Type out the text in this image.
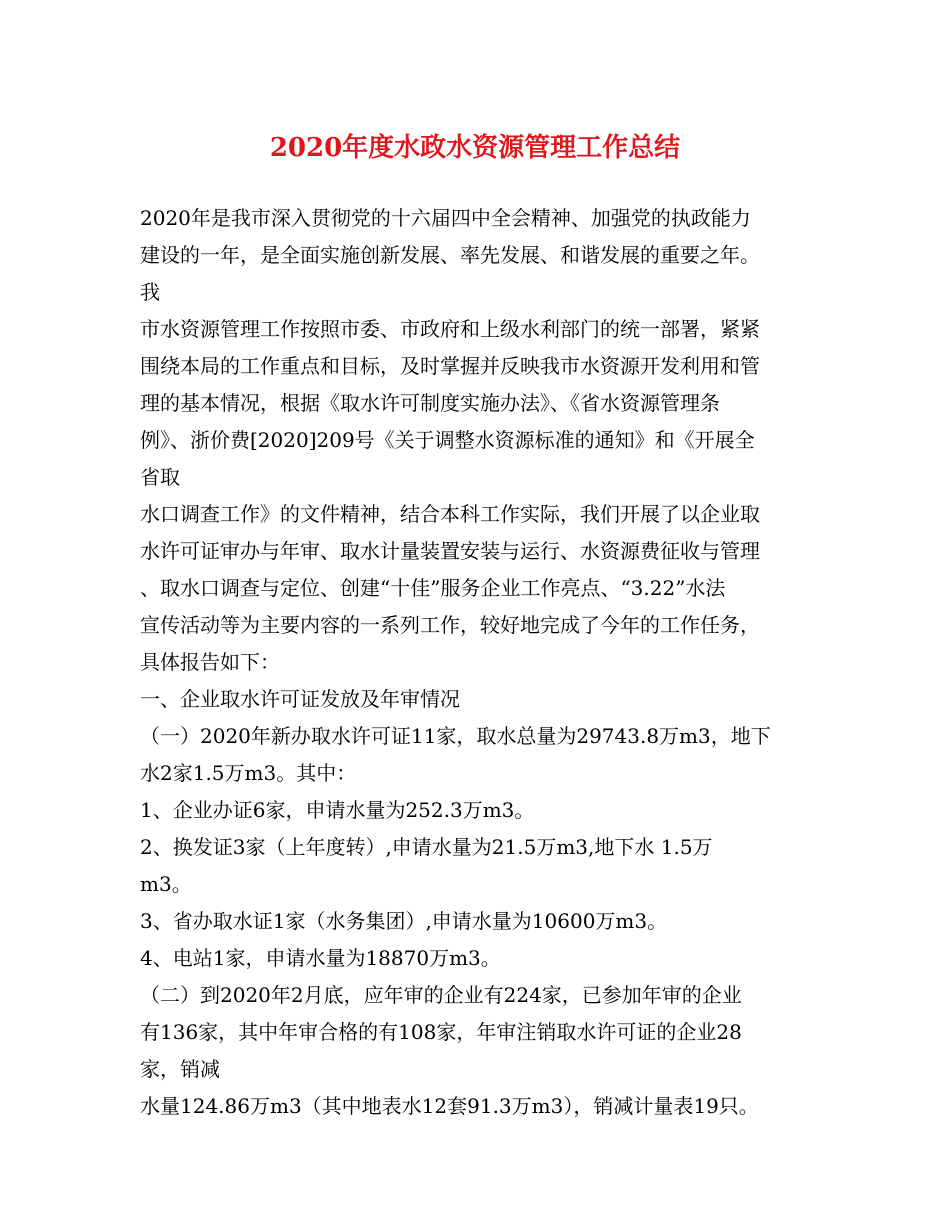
2020年度水政水资源管理工作总结

2020年是我市深入贯彻党的十六届四中全会精神、加强党的执政能力

建设的一年，是全面实施创新发展、率先发展、和谐发展的重要之年。

我

市水资源管理工作按照市委、市政府和上级水利部门的统一部署，紧紧

围绕本局的工作重点和目标，及时掌握并反映我市水资源开发利用和管

理的基本情况，根据《取水许可制度实施办法》、《省水资源管理条

例》、浙价费[2020]209号《关于调整水资源标准的通知》和《开展全

省取

水口调查工作》的文件精神，结合本科工作实际，我们开展了以企业取

水许可证审办与年审、取水计量装置安装与运行、水资源费征收与管理

、取水口调查与定位、创建“十佳”服务企业工作亮点、“3.22”水法

宣传活动等为主要内容的一系列工作，较好地完成了今年的工作任务，

具体报告如下：

一、企业取水许可证发放及年审情况

（一）2020年新办取水许可证11家，取水总量为29743.8万m3，地下

水2家1.5万m3。其中：

1、企业办证6家，申请水量为252.3万m3。

2、换发证3家（上年度转）,申请水量为21.5万m3,地下水 1.5万

m3。

3、省办取水证1家（水务集团）,申请水量为10600万m3。

4、电站1家，申请水量为18870万m3。

（二）到2020年2月底，应年审的企业有224家，已参加年审的企业

有136家，其中年审合格的有108家，年审注销取水许可证的企业28

家，销减

水量124.86万m3（其中地表水12套91.3万m3），销减计量表19只。
